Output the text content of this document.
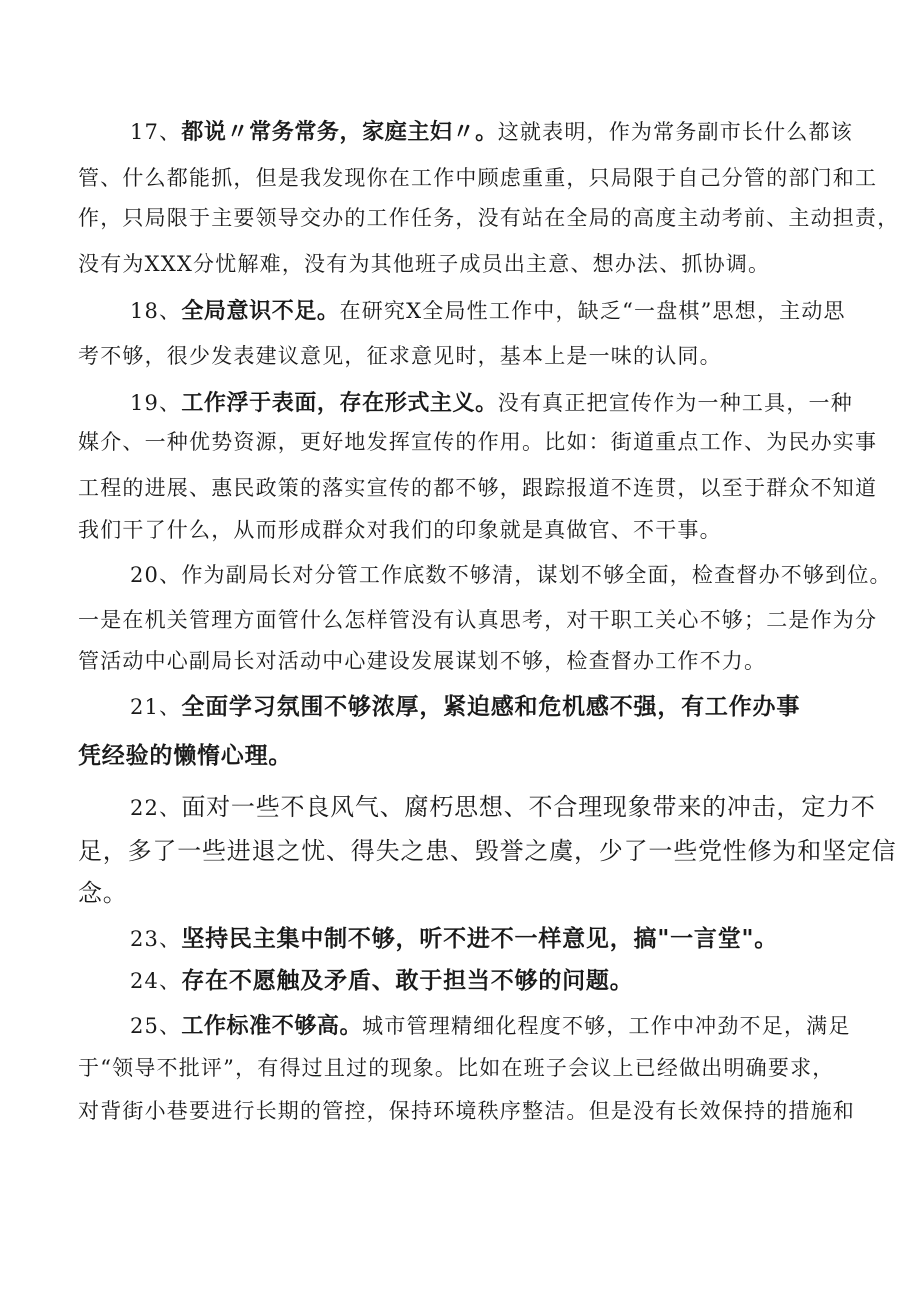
17、都说〃常务常务，家庭主妇〃。这就表明，作为常务副市长什么都该
管、什么都能抓，但是我发现你在工作中顾虑重重，只局限于自己分管的部门和工
作，只局限于主要领导交办的工作任务，没有站在全局的高度主动考前、主动担责，
没有为XXX分忧解难，没有为其他班子成员出主意、想办法、抓协调。
18、全局意识不足。在研究X全局性工作中，缺乏“一盘棋”思想，主动思
考不够，很少发表建议意见，征求意见时，基本上是一味的认同。
19、工作浮于表面，存在形式主义。没有真正把宣传作为一种工具，一种
媒介、一种优势资源，更好地发挥宣传的作用。比如：街道重点工作、为民办实事
工程的进展、惠民政策的落实宣传的都不够，跟踪报道不连贯，以至于群众不知道
我们干了什么，从而形成群众对我们的印象就是真做官、不干事。
20、作为副局长对分管工作底数不够清，谋划不够全面，检查督办不够到位。
一是在机关管理方面管什么怎样管没有认真思考，对干职工关心不够；二是作为分
管活动中心副局长对活动中心建设发展谋划不够，检查督办工作不力。
21、全面学习氛围不够浓厚，紧迫感和危机感不强，有工作办事
凭经验的懒惰心理。
22、面对一些不良风气、腐朽思想、不合理现象带来的冲击，定力不
足，多了一些进退之忧、得失之患、毁誉之虞，少了一些党性修为和坚定信
念。
23、坚持民主集中制不够，听不进不一样意见，搞"一言堂"。
24、存在不愿触及矛盾、敢于担当不够的问题。
25、工作标准不够高。城市管理精细化程度不够，工作中冲劲不足，满足
于“领导不批评”，有得过且过的现象。比如在班子会议上已经做出明确要求，
对背街小巷要进行长期的管控，保持环境秩序整洁。但是没有长效保持的措施和
